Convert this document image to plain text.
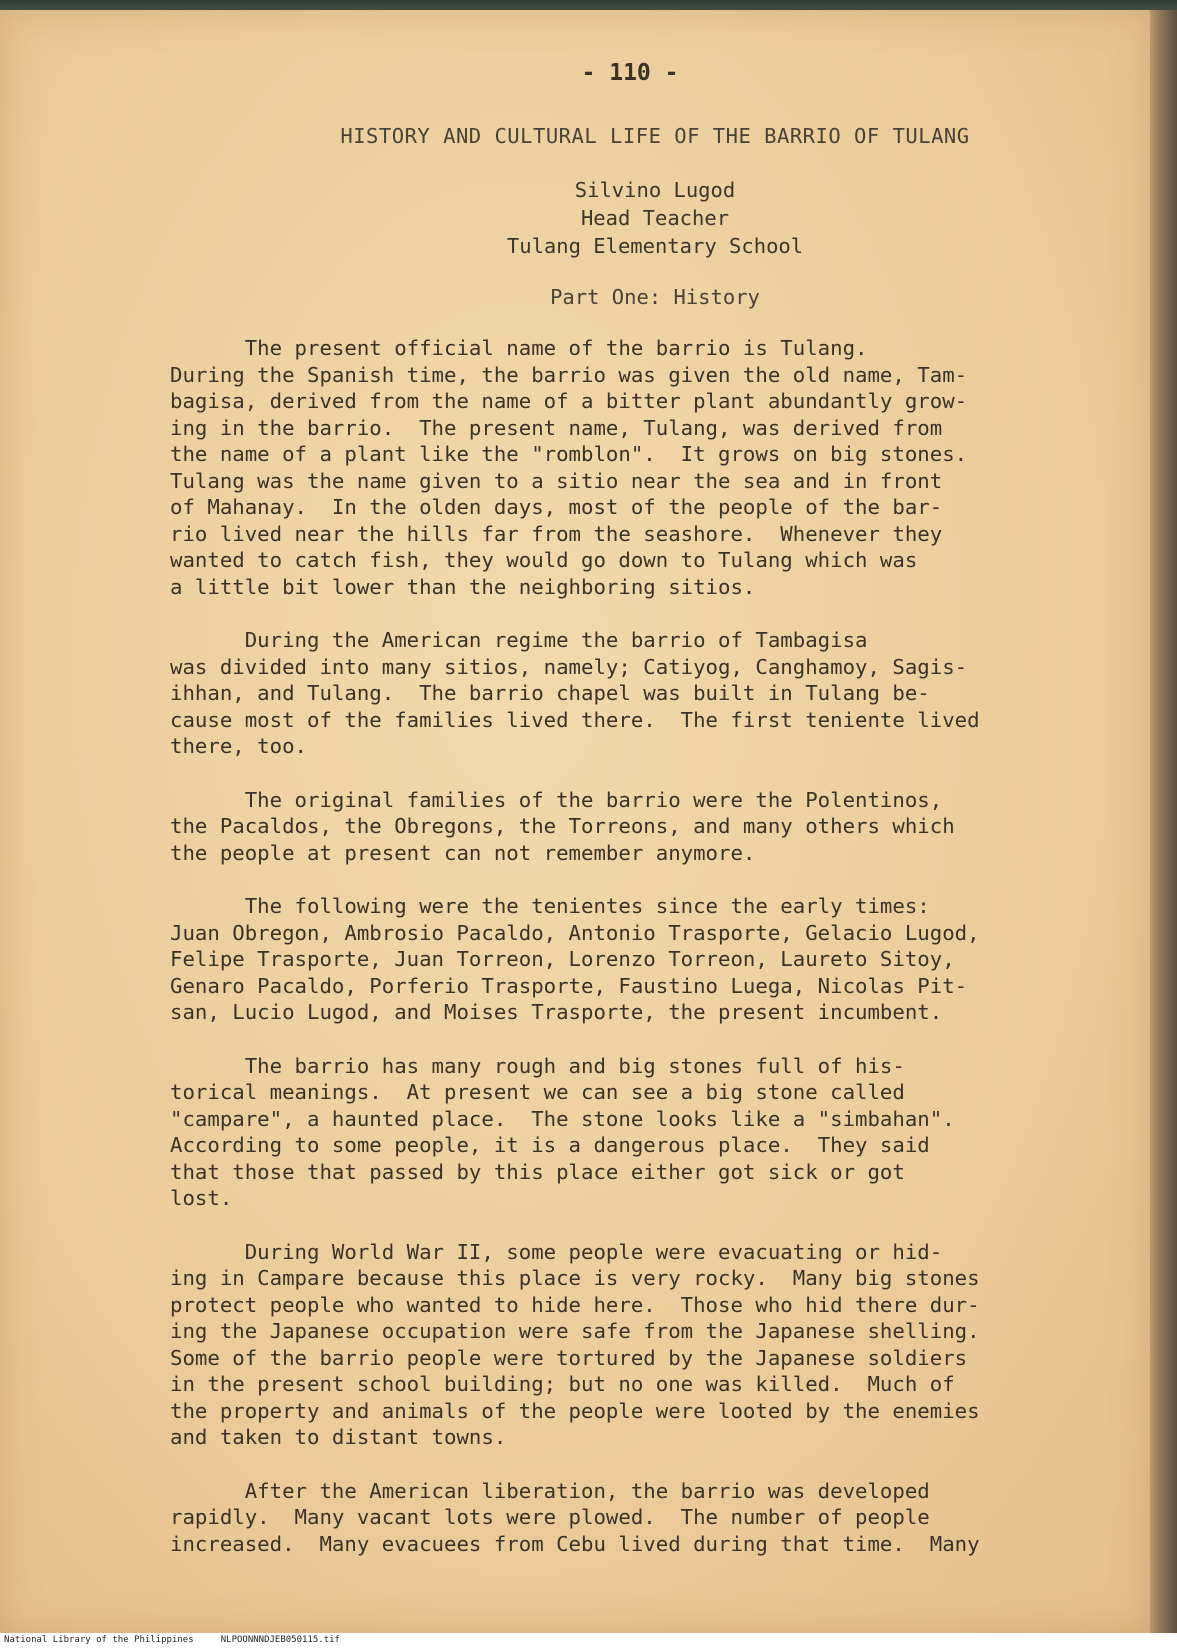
- 110 -
HISTORY AND CULTURAL LIFE OF THE BARRIO OF TULANG
Silvino Lugod
Head Teacher
Tulang Elementary School
Part One: History
The present official name of the barrio is Tulang.
During the Spanish time, the barrio was given the old name, Tam-
bagisa, derived from the name of a bitter plant abundantly grow-
ing in the barrio.  The present name, Tulang, was derived from
the name of a plant like the "romblon".  It grows on big stones.
Tulang was the name given to a sitio near the sea and in front
of Mahanay.  In the olden days, most of the people of the bar-
rio lived near the hills far from the seashore.  Whenever they
wanted to catch fish, they would go down to Tulang which was
a little bit lower than the neighboring sitios.
During the American regime the barrio of Tambagisa
was divided into many sitios, namely; Catiyog, Canghamoy, Sagis-
ihhan, and Tulang.  The barrio chapel was built in Tulang be-
cause most of the families lived there.  The first teniente lived
there, too.
The original families of the barrio were the Polentinos,
the Pacaldos, the Obregons, the Torreons, and many others which
the people at present can not remember anymore.
The following were the tenientes since the early times:
Juan Obregon, Ambrosio Pacaldo, Antonio Trasporte, Gelacio Lugod,
Felipe Trasporte, Juan Torreon, Lorenzo Torreon, Laureto Sitoy,
Genaro Pacaldo, Porferio Trasporte, Faustino Luega, Nicolas Pit-
san, Lucio Lugod, and Moises Trasporte, the present incumbent.
The barrio has many rough and big stones full of his-
torical meanings.  At present we can see a big stone called
"campare", a haunted place.  The stone looks like a "simbahan".
According to some people, it is a dangerous place.  They said
that those that passed by this place either got sick or got
lost.
During World War II, some people were evacuating or hid-
ing in Campare because this place is very rocky.  Many big stones
protect people who wanted to hide here.  Those who hid there dur-
ing the Japanese occupation were safe from the Japanese shelling.
Some of the barrio people were tortured by the Japanese soldiers
in the present school building; but no one was killed.  Much of
the property and animals of the people were looted by the enemies
and taken to distant towns.
After the American liberation, the barrio was developed
rapidly.  Many vacant lots were plowed.  The number of people
increased.  Many evacuees from Cebu lived during that time.  Many
National Library of the Philippines	NLPOONNNDJEB050115.tif
